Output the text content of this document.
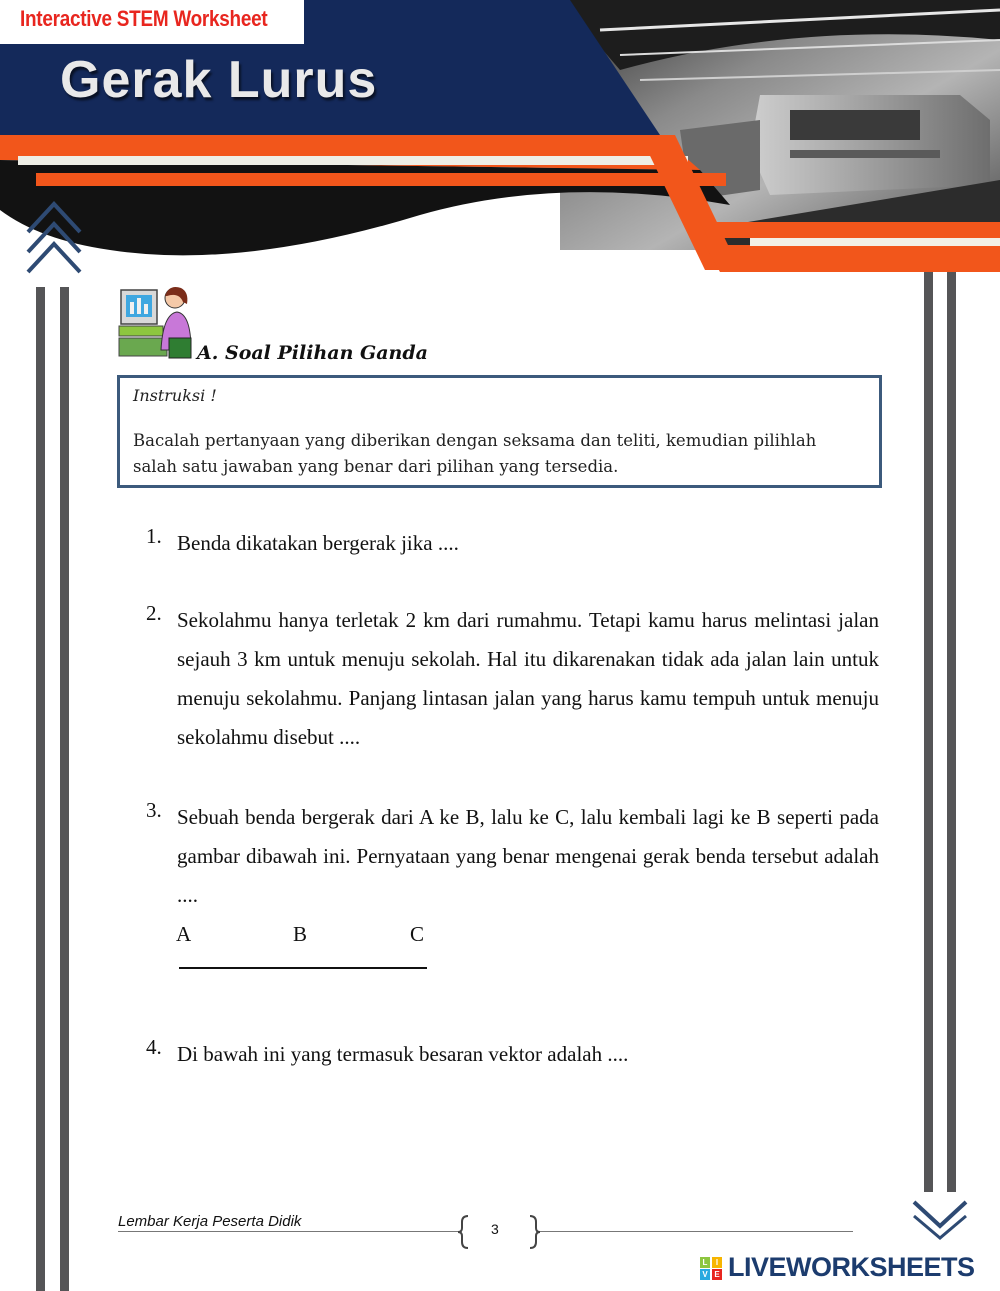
Interactive STEM Worksheet
Gerak Lurus
A. Soal Pilihan Ganda
Instruksi !
Bacalah pertanyaan yang diberikan dengan seksama dan teliti, kemudian pilihlah salah satu jawaban yang benar dari pilihan yang tersedia.
1. Benda dikatakan bergerak jika ....
2. Sekolahmu hanya terletak 2 km dari rumahmu. Tetapi kamu harus melintasi jalan sejauh 3 km untuk menuju sekolah. Hal itu dikarenakan tidak ada jalan lain untuk menuju sekolahmu. Panjang lintasan jalan yang harus kamu tempuh untuk menuju sekolahmu disebut ....
3. Sebuah benda bergerak dari A ke B, lalu ke C, lalu kembali lagi ke B seperti pada gambar dibawah ini. Pernyataan yang benar mengenai gerak benda tersebut adalah ....
A	B	C
4. Di bawah ini yang termasuk besaran vektor adalah ....
Lembar Kerja Peserta Didik	3
L	I
V E LIVEWORKSHEETS
